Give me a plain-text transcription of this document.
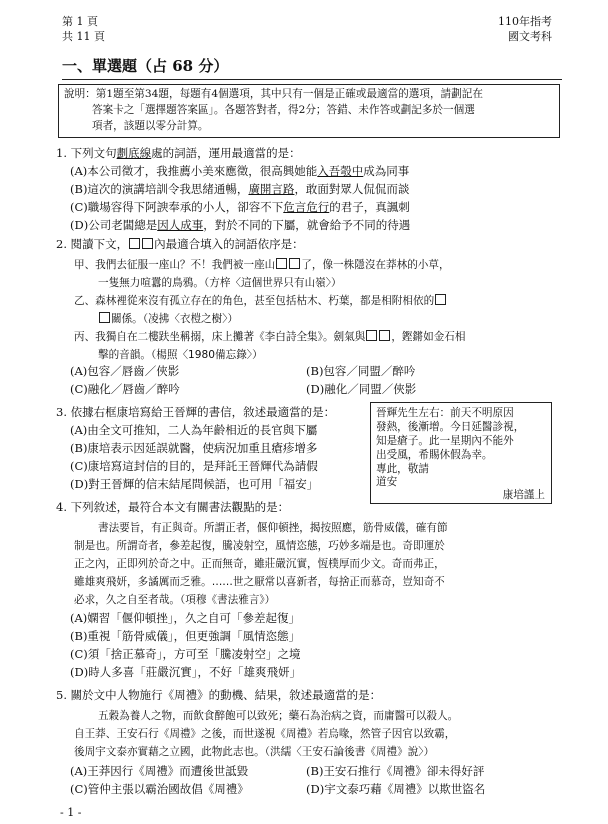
第 1 頁
共 11 頁
110年指考
國文考科
一、單選題（占 68 分）
說明：第1題至第34題，每題有4個選項，其中只有一個是正確或最適當的選項，請劃記在
答案卡之「選擇題答案區」。各題答對者，得2分；答錯、未作答或劃記多於一個選
項者，該題以零分計算。
1. 下列文句劃底線處的詞語，運用最適當的是：
(A)本公司徵才，我推薦小美來應徵，很高興她能入吾彀中成為同事
(B)這次的演講培訓令我思緒通暢，廣開言路，敢面對眾人侃侃而談
(C)職場容得下阿諛奉承的小人，卻容不下危言危行的君子，真諷刺
(D)公司老闆總是因人成事，對於不同的下屬，就會給予不同的待遇
2. 閱讀下文， 內最適合填入的詞語依序是：
甲、我們去征服一座山？不！我們被一座山 了，像一株隱沒在莽林的小草，
一隻無力喧囂的鳥鴉。（方梓〈這個世界只有山嶺〉）
乙、森林裡從來沒有孤立存在的角色，甚至包括枯木、朽葉，都是相附相依的
關係。（凌拂〈衣榿之樹〉）
丙、我獨自在二樓趺坐稱搦，床上攤著《李白詩全集》。劍氣與 ，鏗鏘如金石相
擊的音韻。（楊照〈1980備忘錄〉）
(A)包容／唇齒／俠影	(B)包容／同盟／醉吟
(C)融化／唇齒／醉吟	(D)融化／同盟／俠影
3. 依據右框康培寫給王晉輝的書信，敘述最適當的是：
(A)由全文可推知，二人為年齡相近的長官與下屬
(B)康培表示因延誤就醫，使病況加重且瘡疹增多
(C)康培寫這封信的目的，是拜託王晉輝代為請假
(D)對王晉輝的信末結尾問候語，也可用「福安」
晉輝先生左右：前天不明原因
發熱，後漸增。今日延醫診視，
知是瘡子。此一星期內不能外
出受風，希賜休假為幸。
專此，敬請
道安
康培謹上
4. 下列敘述，最符合本文有關書法觀點的是：
書法要旨，有正與奇。所謂正者，偃仰頓挫，揭按照應，筋骨威儀，確有節
制是也。所謂奇者，參差起復，騰凌射空，風情恣態，巧妙多端是也。奇即運於
正之內，正即列於奇之中。正而無奇，雖莊嚴沉實，恆樸厚而少文。奇而弗正，
雖雄爽飛妍，多譎厲而乏雅。……世之厭常以喜新者，每捨正而慕奇，豈知奇不
必求，久之自至者哉。（項穆《書法雅言》）
(A)嫻習「偃仰頓挫」，久之自可「參差起復」
(B)重視「筋骨威儀」，但更強調「風情恣態」
(C)須「捨正慕奇」，方可至「騰凌射空」之境
(D)時人多喜「莊嚴沉實」，不好「雄爽飛妍」
5. 關於文中人物施行《周禮》的動機、結果，敘述最適當的是：
五穀為養人之物，而飲食醉飽可以致死；藥石為治病之資，而庸醫可以殺人。
自王莽、王安石行《周禮》之後，而世遂視《周禮》若烏喙，然管子因官以致霸，
後周宇文泰亦實藉之立國，此物此志也。（洪繻〈王安石論後書《周禮》說〉）
(A)王莽因行《周禮》而遭後世詆毀	(B)王安石推行《周禮》卻未得好評
(C)管仲主張以霸治國故倡《周禮》	(D)宇文泰巧藉《周禮》以欺世盜名
- 1 -
